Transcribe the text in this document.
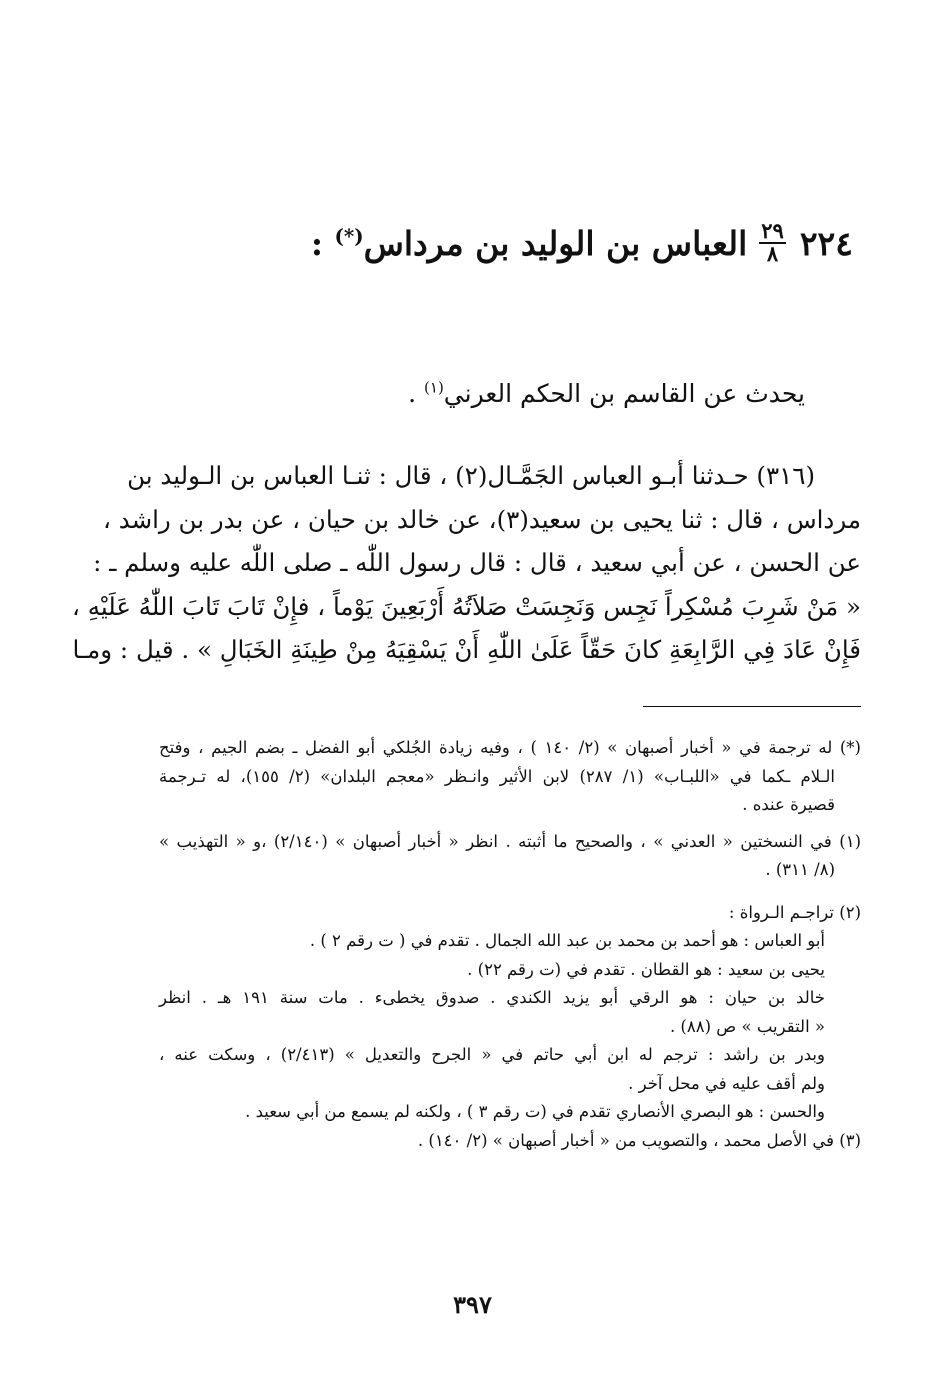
٢٢٤
$\frac{٢٩}{٨}$
العباس بن الوليد بن مرداس(*) :
يحدث عن القاسم بن الحكم العرني$^{(١)}$ .
(٣١٦) حـدثنا أبـو العباس الجَمَّـال(٢) ، قال : ثنـا العباس بن الـوليد بن
مرداس ، قال : ثنا يحيى بن سعيد(٣)، عن خالد بن حيان ، عن بدر بن راشد ،
عن الحسن ، عن أبي سعيد ، قال : قال رسول اللّٰه ـ صلى اللّٰه عليه وسلم ـ :
« مَنْ شَرِبَ مُسْكِراً نَجِس وَنَجِسَتْ صَلاَتُهُ أَرْبَعِينَ يَوْماً ، فإِنْ تَابَ تَابَ اللّٰهُ عَلَيْهِ ،
فَإِنْ عَادَ فِي الرَّابِعَةِ كانَ حَقّاً عَلَىٰ اللّٰهِ أَنْ يَسْقِيَهُ مِنْ طِينَةِ الخَبَالِ » . قيل : ومـا
(*) له ترجمة في « أخبار أصبهان » (٢/ ١٤٠ ) ، وفيه زيادة الجُلكي أبو الفضل ـ بضم الجيم ، وفتح
الـلام ـكما في «اللبـاب» (١/ ٢٨٧) لابن الأثير وانـظر «معجم البلدان» (٢/ ١٥٥)، له تـرجمة
قصيرة عنده .
(١) في النسختين « العدني » ، والصحيح ما أثبته . انظر « أخبار أصبهان » (٢/١٤٠) ،و « التهذيب »
(٨/ ٣١١) .
(٢) تراجـم الـرواة :
أبو العباس : هو أحمد بن محمد بن عبد الله الجمال . تقدم في ( ت رقم ٢ ) .
يحيى بن سعيد : هو القطان . تقدم في (ت رقم ٢٢) .
خالد بن حيان : هو الرقي أبو يزيد الكندي . صدوق يخطىء . مات سنة ١٩١ هـ . انظر
« التقريب » ص (٨٨) .
وبدر بن راشد : ترجم له ابن أبي حاتم في « الجرح والتعديل » (٢/٤١٣) ، وسكت عنه ،
ولم أقف عليه في محل آخر .
والحسن : هو البصري الأنصاري تقدم في (ت رقم ٣ ) ، ولكنه لم يسمع من أبي سعيد .
(٣) في الأصل محمد ، والتصويب من « أخبار أصبهان » (٢/ ١٤٠) .
٣٩٧
